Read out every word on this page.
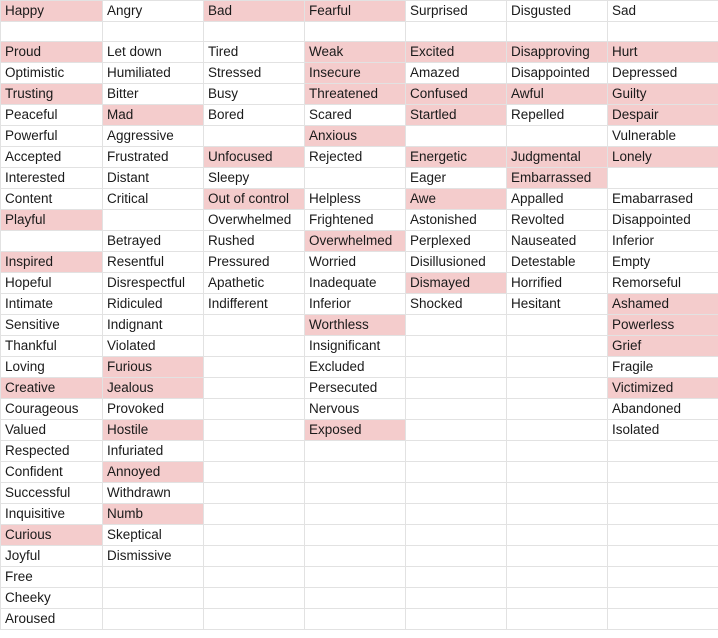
Happy	Angry	Bad	Fearful	Surprised	Disgusted	Sad

Proud	Let down	Tired	Weak	Excited	Disapproving	Hurt
Optimistic	Humiliated	Stressed	Insecure	Amazed	Disappointed	Depressed
Trusting	Bitter	Busy	Threatened	Confused	Awful	Guilty
Peaceful	Mad	Bored	Scared	Startled	Repelled	Despair
Powerful	Aggressive		Anxious			Vulnerable
Accepted	Frustrated	Unfocused	Rejected	Energetic	Judgmental	Lonely
Interested	Distant	Sleepy		Eager	Embarrassed	
Content	Critical	Out of control	Helpless	Awe	Appalled	Emabarrased
Playful		Overwhelmed	Frightened	Astonished	Revolted	Disappointed
	Betrayed	Rushed	Overwhelmed	Perplexed	Nauseated	Inferior
Inspired	Resentful	Pressured	Worried	Disillusioned	Detestable	Empty
Hopeful	Disrespectful	Apathetic	Inadequate	Dismayed	Horrified	Remorseful
Intimate	Ridiculed	Indifferent	Inferior	Shocked	Hesitant	Ashamed
Sensitive	Indignant		Worthless			Powerless
Thankful	Violated		Insignificant			Grief
Loving	Furious		Excluded			Fragile
Creative	Jealous		Persecuted			Victimized
Courageous	Provoked		Nervous			Abandoned
Valued	Hostile		Exposed			Isolated
Respected	Infuriated					
Confident	Annoyed					
Successful	Withdrawn					
Inquisitive	Numb					
Curious	Skeptical					
Joyful	Dismissive					
Free						
Cheeky						
Aroused						
